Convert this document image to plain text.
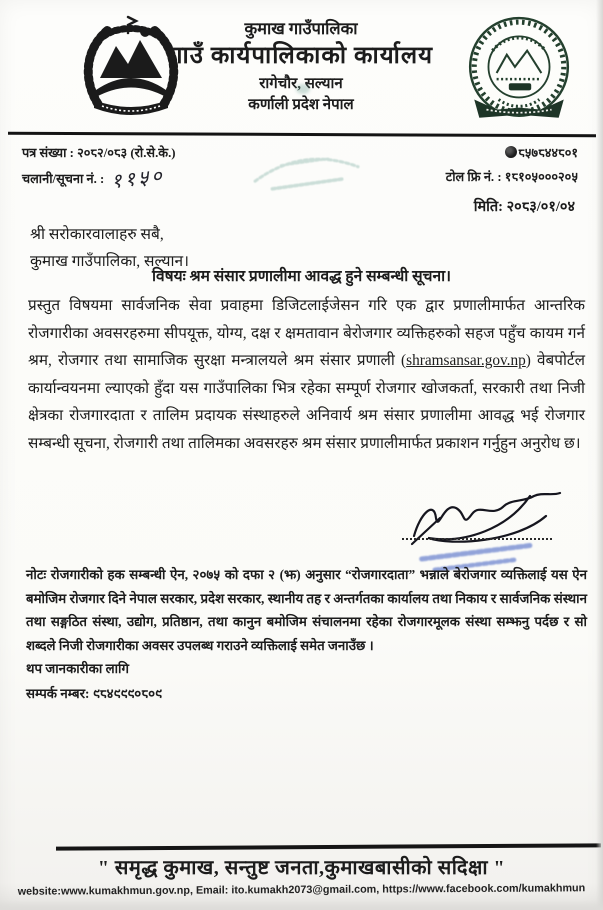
कुमाख गाउँपालिका
गाउँ कार्यपालिकाको कार्यालय
रागेचौर, सल्यान
कर्णाली प्रदेश नेपाल
पत्र संख्या : २०८२/०८३ (रो.से.के.)
चलानी/सूचना नं. : ११५०
८५७८४४८०१
टोल फ्रि नं. : १८१०५०००२०५
मिति: २०८३/०१/०४
श्री सरोकारवालाहरु सबै,
कुमाख गाउँपालिका, सल्यान।
विषयः श्रम संसार प्रणालीमा आवद्ध हुने सम्बन्धी सूचना।
प्रस्तुत विषयमा सार्वजनिक सेवा प्रवाहमा डिजिटलाईजेसन गरि एक द्वार प्रणालीमार्फत आन्तरिक रोजगारीका अवसरहरुमा सीपयूक्त, योग्य, दक्ष र क्षमतावान बेरोजगार व्यक्तिहरुको सहज पहुँच कायम गर्न श्रम, रोजगार तथा सामाजिक सुरक्षा मन्त्रालयले श्रम संसार प्रणाली (shramsansar.gov.np) वेबपोर्टल कार्यान्वयनमा ल्याएको हुँदा यस गाउँपालिका भित्र रहेका सम्पूर्ण रोजगार खोजकर्ता, सरकारी तथा निजी क्षेत्रका रोजगारदाता र तालिम प्रदायक संस्थाहरुले अनिवार्य श्रम संसार प्रणालीमा आवद्ध भई रोजगार सम्बन्धी सूचना, रोजगारी तथा तालिमका अवसरहरु श्रम संसार प्रणालीमार्फत प्रकाशन गर्नुहुन अनुरोध छ।
नोटः रोजगारीको हक सम्बन्धी ऐन, २०७५ को दफा २ (झ) अनुसार “रोजगारदाता” भन्नाले बेरोजगार व्यक्तिलाई यस ऐन बमोजिम रोजगार दिने नेपाल सरकार, प्रदेश सरकार, स्थानीय तह र अन्तर्गतका कार्यालय तथा निकाय र सार्वजनिक संस्थान तथा सङ्गठित संस्था, उद्योग, प्रतिष्ठान, तथा कानुन बमोजिम संचालनमा रहेका रोजगारमूलक संस्था सम्झनु पर्दछ र सो शब्दले निजी रोजगारीका अवसर उपलब्ध गराउने व्यक्तिलाई समेत जनाउँछ ।
थप जानकारीका लागि
सम्पर्क नम्बर: ९८४९९९०८०९
" समृद्ध कुमाख, सन्तुष्ट जनता,कुमाखबासीको सदिक्षा "
website:www.kumakhmun.gov.np, Email: ito.kumakh2073@gmail.com, https://www.facebook.com/kumakhmun
